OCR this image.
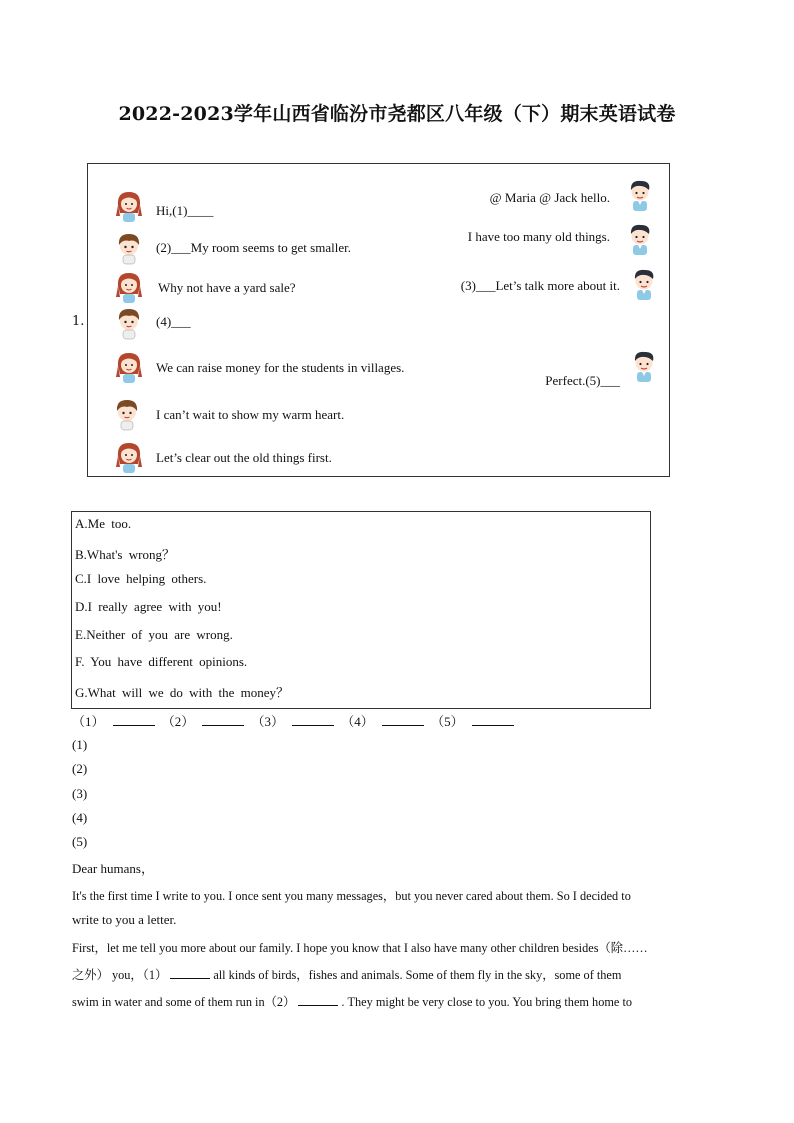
2022-2023学年山西省临汾市尧都区八年级（下）期末英语试卷
1.
Hi,(1)____
(2)___My room seems to get smaller.
Why not have a yard sale?
(4)___
We can raise money for the students in villages.
I can’t wait to show my warm heart.
Let’s clear out the old things first.
@ Maria @ Jack hello.
I have too many old things.
(3)___Let’s talk more about it.
Perfect.(5)___
A.Me too.
B.What's wrong？
C.I love helping others.
D.I really agree with you!
E.Neither of you are wrong.
F. You have different opinions.
G.What will we do with the money？
（1）	（2）	（3）	（4）	（5）
(1)
(2)
(3)
(4)
(5)
Dear humans，
It's the first time I write to you. I once sent you many messages，but you never cared about them. So I decided to
write to you a letter.
First，let me tell you more about our family. I hope you know that I also have many other children besides（除……
之外） you，（1）	all kinds of birds，fishes and animals. Some of them fly in the sky，some of them
swim in water and some of them run in（2）	. They might be very close to you. You bring them home to
